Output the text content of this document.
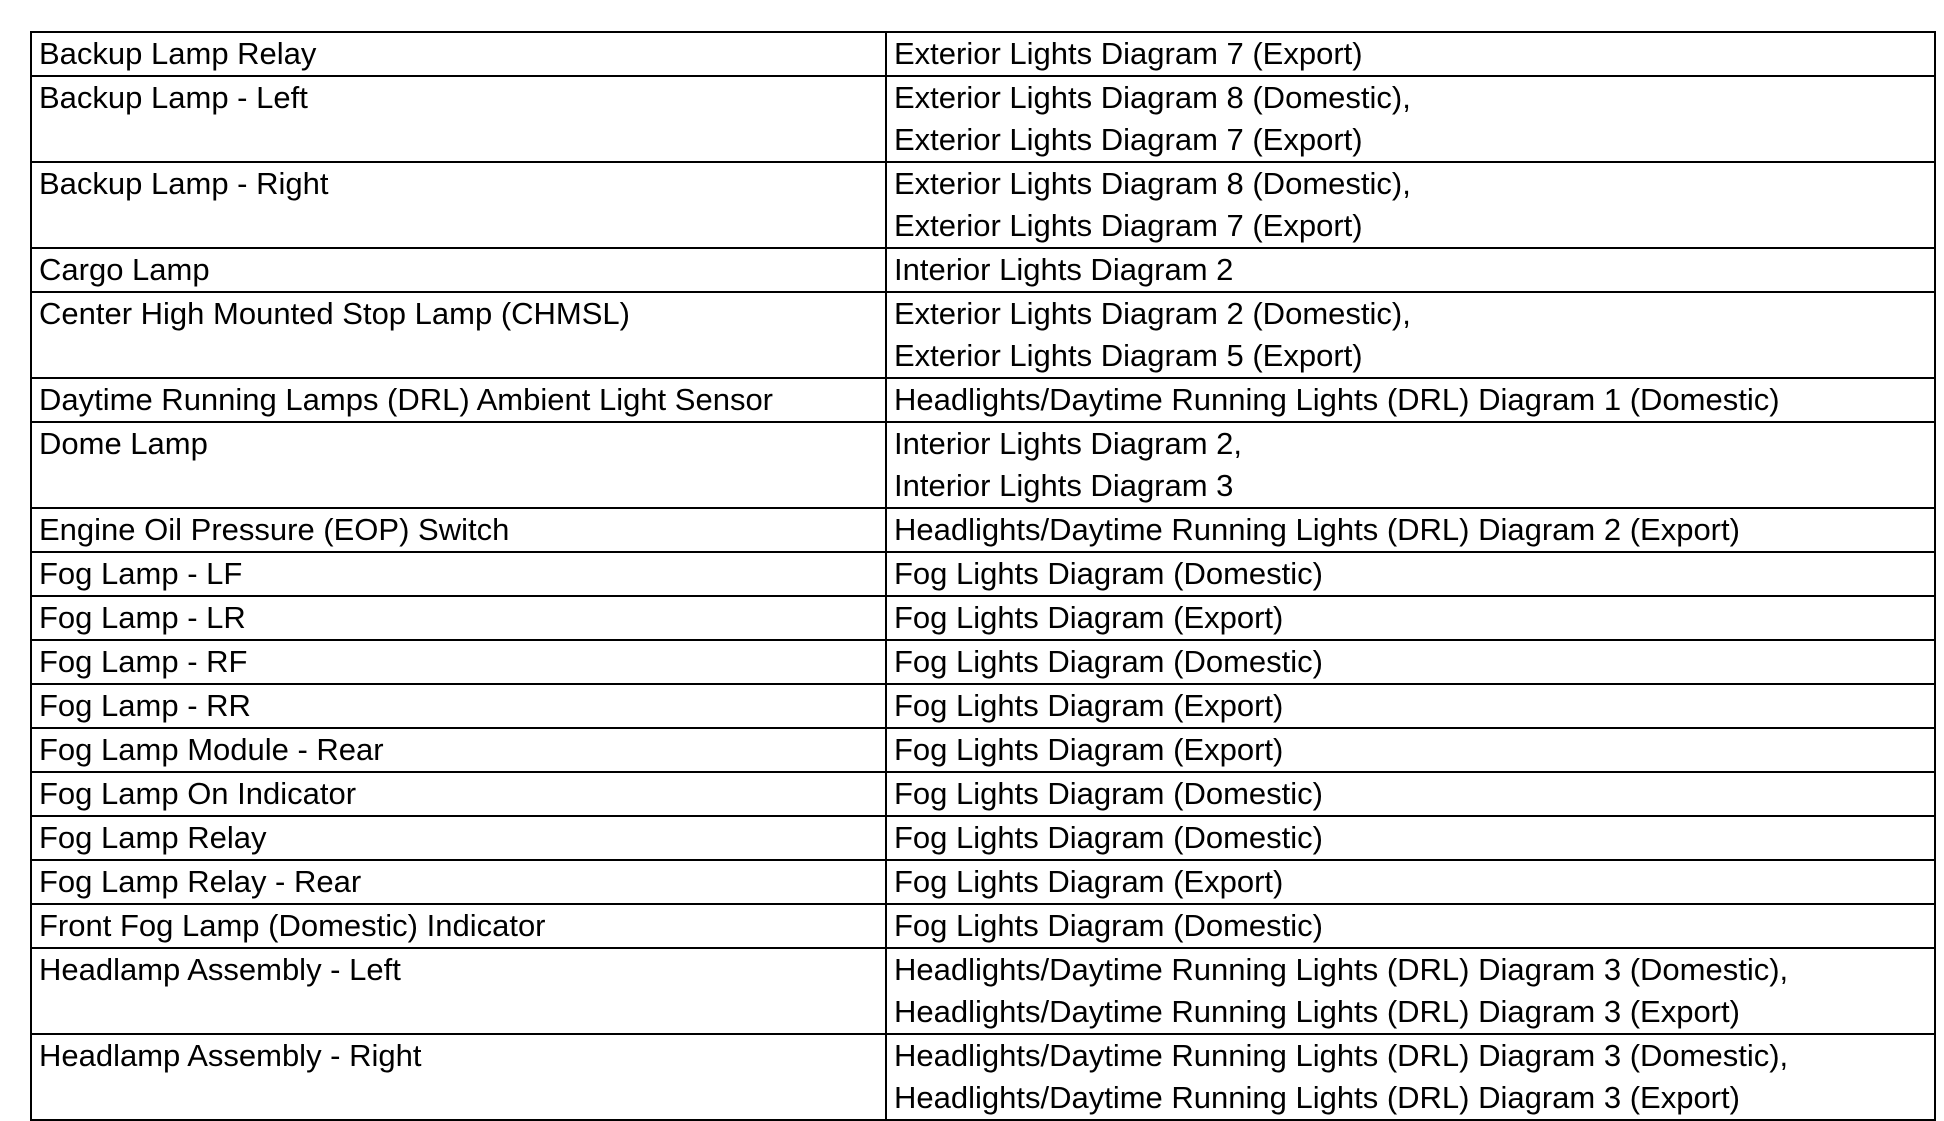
Backup Lamp Relay	Exterior Lights Diagram 7 (Export)

Backup Lamp - Left	Exterior Lights Diagram 8 (Domestic),
Exterior Lights Diagram 7 (Export)

Backup Lamp - Right	Exterior Lights Diagram 8 (Domestic),
Exterior Lights Diagram 7 (Export)

Cargo Lamp	Interior Lights Diagram 2

Center High Mounted Stop Lamp (CHMSL)	Exterior Lights Diagram 2 (Domestic),
Exterior Lights Diagram 5 (Export)

Daytime Running Lamps (DRL) Ambient Light Sensor	Headlights/Daytime Running Lights (DRL) Diagram 1 (Domestic)

Dome Lamp	Interior Lights Diagram 2,
Interior Lights Diagram 3

Engine Oil Pressure (EOP) Switch	Headlights/Daytime Running Lights (DRL) Diagram 2 (Export)

Fog Lamp - LF	Fog Lights Diagram (Domestic)

Fog Lamp - LR	Fog Lights Diagram (Export)

Fog Lamp - RF	Fog Lights Diagram (Domestic)

Fog Lamp - RR	Fog Lights Diagram (Export)

Fog Lamp Module - Rear	Fog Lights Diagram (Export)

Fog Lamp On Indicator	Fog Lights Diagram (Domestic)

Fog Lamp Relay	Fog Lights Diagram (Domestic)

Fog Lamp Relay - Rear	Fog Lights Diagram (Export)

Front Fog Lamp (Domestic) Indicator	Fog Lights Diagram (Domestic)

Headlamp Assembly - Left	Headlights/Daytime Running Lights (DRL) Diagram 3 (Domestic),
Headlights/Daytime Running Lights (DRL) Diagram 3 (Export)

Headlamp Assembly - Right	Headlights/Daytime Running Lights (DRL) Diagram 3 (Domestic),
Headlights/Daytime Running Lights (DRL) Diagram 3 (Export)
